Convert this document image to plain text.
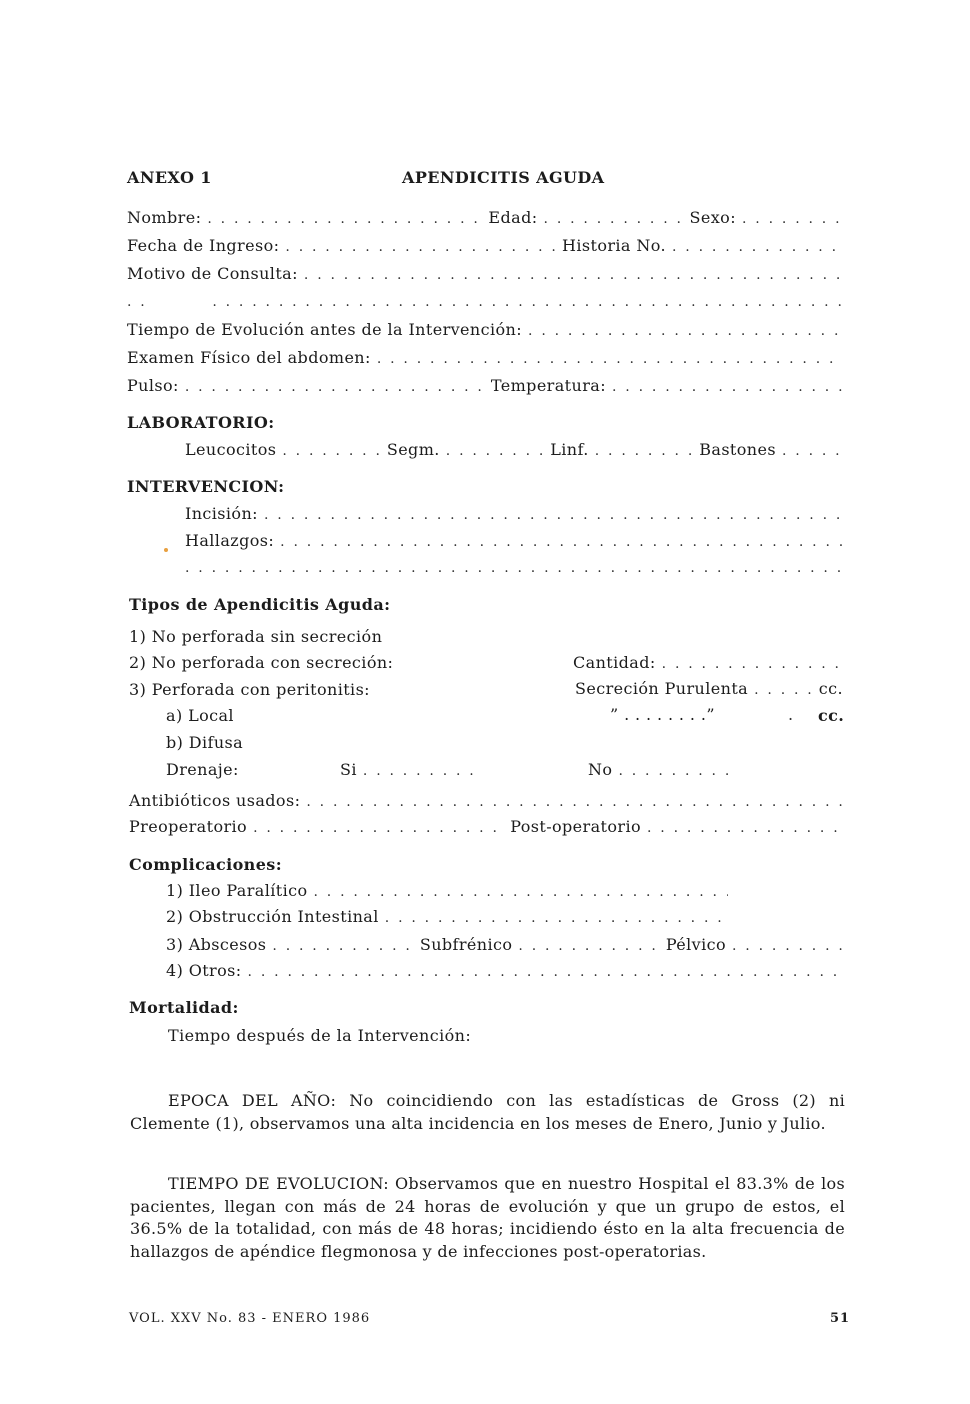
ANEXO 1	APENDICITIS AGUDA
Nombre: . . .	Edad: . . .	Sexo:
. . .
Fecha de Ingreso: . . .	Historia No.
. . .
Motivo de Consulta:
. . .
. . .
. . .
Tiempo de Evolución antes de la Intervención:
. . .
Examen Físico del abdomen:
. . .
Pulso: . . .	Temperatura:
. . .
LABORATORIO:
Leucocitos . . .	Segm. . . .	Linf. . . .	Bastones
. . .
INTERVENCION:
Incisión:
. . .
Hallazgos:
. . .
. . .
Tipos de Apendicitis Aguda:
1) No perforada sin secreción
2) No perforada con secreción:	Cantidad:
. . .
3) Perforada con peritonitis:	Secreción Purulenta . . .	cc.
a) Local	” . . . . . . . .”	. cc.
b) Difusa
Drenaje:	Si . . .	No
. . .
Antibióticos usados:
. . .
Preoperatorio . . .	Post-operatorio
. . .
Complicaciones:
1) Ileo Paralítico
. . .
2) Obstrucción Intestinal
. . .
3) Abscesos . . .	Subfrénico . . .	Pélvico
. . .
4) Otros:
. . .
Mortalidad:
Tiempo después de la Intervención:
EPOCA DEL AÑO: No coincidiendo con las estadísticas de Gross (2) ni Clemente (1), observamos una alta incidencia en los meses de Enero, Junio y Julio.
TIEMPO DE EVOLUCION: Observamos que en nuestro Hospital el 83.3% de los pacientes, llegan con más de 24 horas de evolución y que un grupo de estos, el 36.5% de la totalidad, con más de 48 horas; incidiendo ésto en la alta frecuencia de hallazgos de apéndice flegmonosa y de infecciones post-operatorias.
VOL. XXV No. 83 - ENERO 1986	51
